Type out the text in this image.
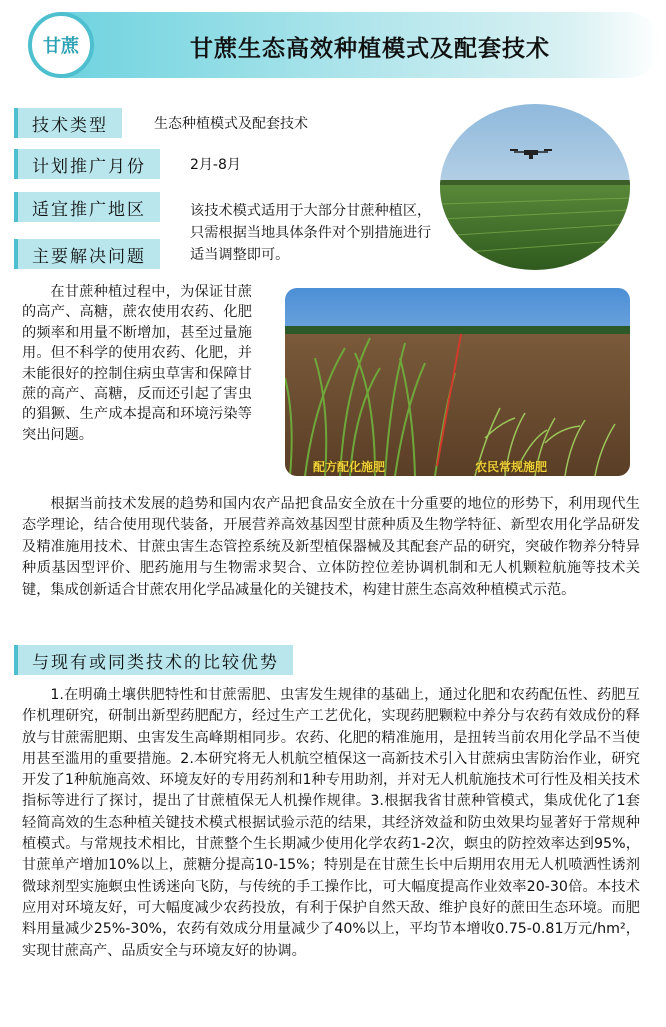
甘蔗生态高效种植模式及配套技术
甘蔗
技术类型	生态种植模式及配套技术
计划推广月份	2月-8月
适宜推广地区	该技术模式适用于大部分甘蔗种植区，只需根据当地具体条件对个别措施进行适当调整即可。
主要解决问题
在甘蔗种植过程中，为保证甘蔗的高产、高糖，蔗农使用农药、化肥的频率和用量不断增加，甚至过量施用。但不科学的使用农药、化肥，并未能很好的控制住病虫草害和保障甘蔗的高产、高糖，反而还引起了害虫的猖獗、生产成本提高和环境污染等突出问题。
配方配化施肥	农民常规施肥
根据当前技术发展的趋势和国内农产品把食品安全放在十分重要的地位的形势下，利用现代生态学理论，结合使用现代装备，开展营养高效基因型甘蔗种质及生物学特征、新型农用化学品研发及精准施用技术、甘蔗虫害生态管控系统及新型植保器械及其配套产品的研究，突破作物养分特异种质基因型评价、肥药施用与生物需求契合、立体防控位差协调机制和无人机颗粒航施等技术关键，集成创新适合甘蔗农用化学品减量化的关键技术，构建甘蔗生态高效种植模式示范。
与现有或同类技术的比较优势
1.在明确土壤供肥特性和甘蔗需肥、虫害发生规律的基础上，通过化肥和农药配伍性、药肥互作机理研究，研制出新型药肥配方，经过生产工艺优化，实现药肥颗粒中养分与农药有效成份的释放与甘蔗需肥期、虫害发生高峰期相同步。农药、化肥的精准施用，是扭转当前农用化学品不当使用甚至滥用的重要措施。2.本研究将无人机航空植保这一高新技术引入甘蔗病虫害防治作业，研究开发了1种航施高效、环境友好的专用药剂和1种专用助剂，并对无人机航施技术可行性及相关技术指标等进行了探讨，提出了甘蔗植保无人机操作规律。3.根据我省甘蔗种管模式，集成优化了1套轻简高效的生态种植关键技术模式根据试验示范的结果，其经济效益和防虫效果均显著好于常规种植模式。与常规技术相比，甘蔗整个生长期减少使用化学农药1-2次，螟虫的防控效率达到95%，甘蔗单产增加10%以上，蔗糖分提高10-15%；特别是在甘蔗生长中后期用农用无人机喷洒性诱剂微球剂型实施螟虫性诱迷向飞防，与传统的手工操作比，可大幅度提高作业效率20-30倍。本技术应用对环境友好，可大幅度减少农药投放，有利于保护自然天敌、维护良好的蔗田生态环境。而肥料用量减少25%-30%，农药有效成分用量减少了40%以上，平均节本增收0.75-0.81万元/hm²，实现甘蔗高产、品质安全与环境友好的协调。
